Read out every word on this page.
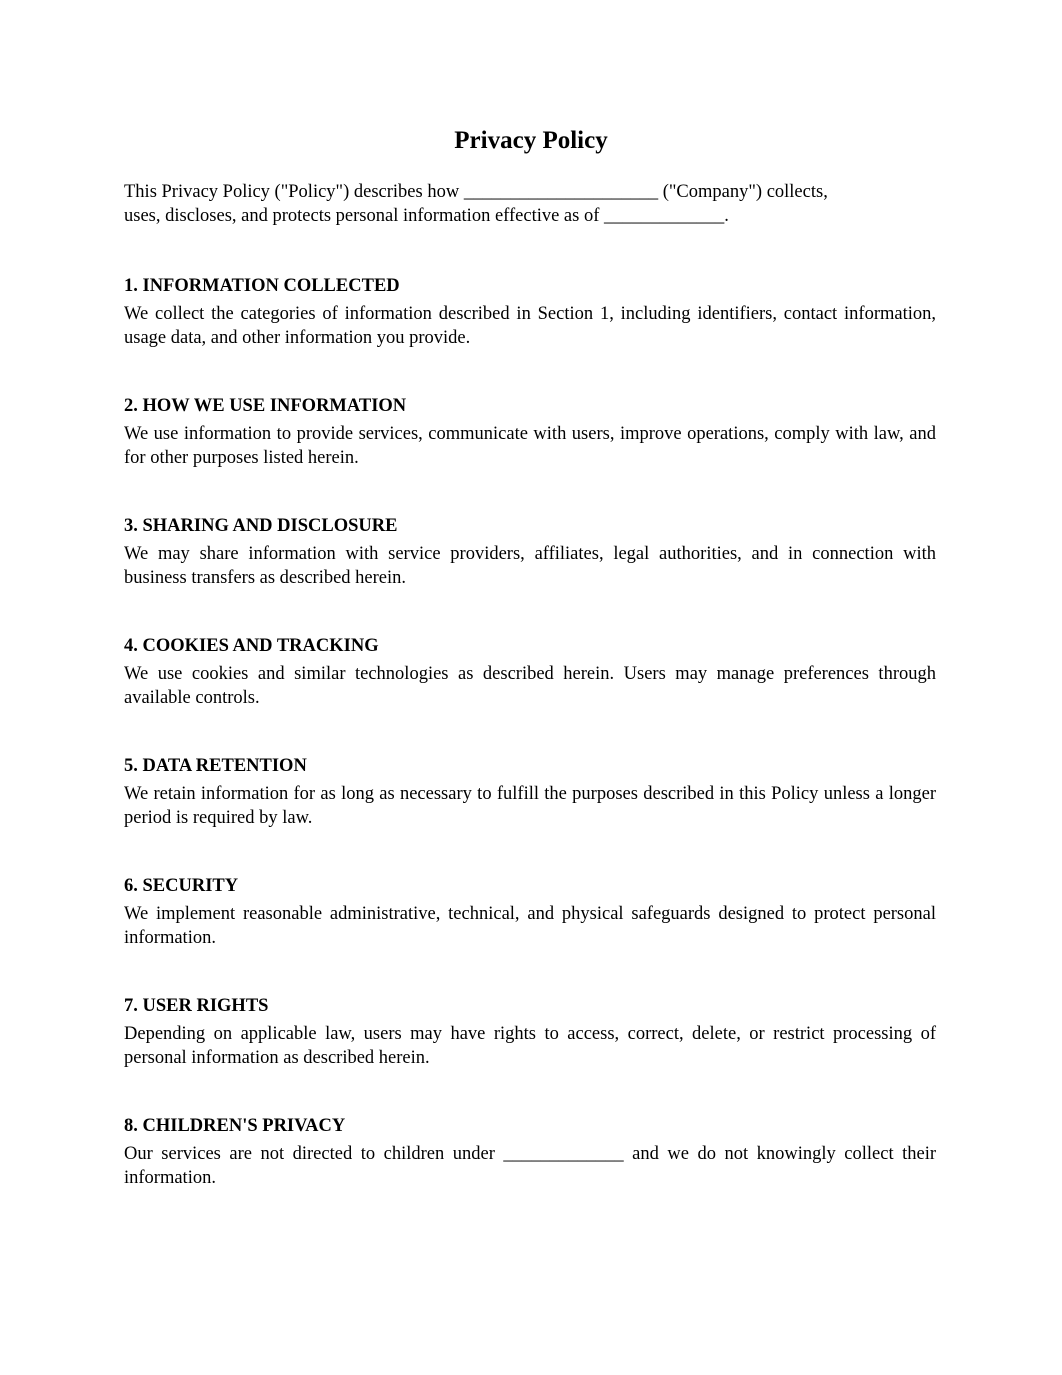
Privacy Policy

This Privacy Policy ("Policy") describes how _____________________ ("Company") collects,
uses, discloses, and protects personal information effective as of _____________.

1. INFORMATION COLLECTED

We collect the categories of information described in Section 1, including identifiers, contact information, usage data, and other information you provide.

2. HOW WE USE INFORMATION

We use information to provide services, communicate with users, improve operations, comply with law, and for other purposes listed herein.

3. SHARING AND DISCLOSURE

We may share information with service providers, affiliates, legal authorities, and in connection with business transfers as described herein.

4. COOKIES AND TRACKING

We use cookies and similar technologies as described herein. Users may manage preferences through available controls.

5. DATA RETENTION

We retain information for as long as necessary to fulfill the purposes described in this Policy unless a longer period is required by law.

6. SECURITY

We implement reasonable administrative, technical, and physical safeguards designed to protect personal information.

7. USER RIGHTS

Depending on applicable law, users may have rights to access, correct, delete, or restrict processing of personal information as described herein.

8. CHILDREN'S PRIVACY

Our services are not directed to children under _____________ and we do not knowingly collect their information.
